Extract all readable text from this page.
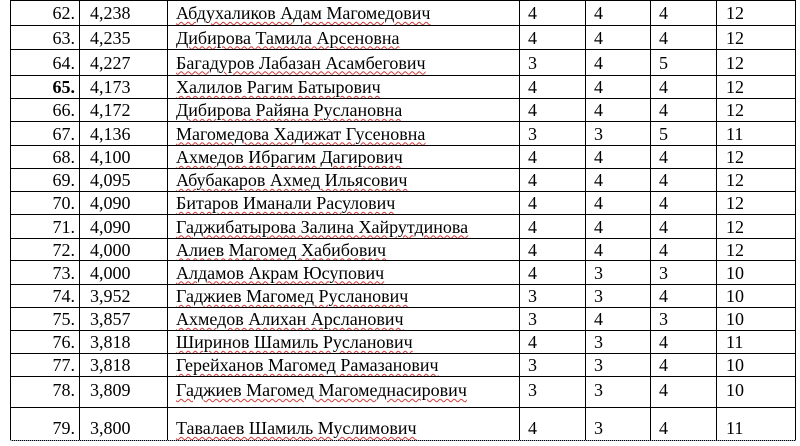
62. 4,238	Абдухаликов Адам Магомедович	4	4	4	12
63. 4,235	Дибирова Тамила Арсеновна	4	4	4	12
64. 4,227	Багадуров Лабазан Асамбегович	3	4	5	12
65. 4,173	Халилов Рагим Батырович	4	4	4	12
66. 4,172	Дибирова Райяна Руслановна	4	4	4	12
67. 4,136	Магомедова Хадижат Гусеновна	3	3	5	11
68. 4,100	Ахмедов Ибрагим Дагирович	4	4	4	12
69. 4,095	Абубакаров Ахмед Ильясович	4	4	4	12
70. 4,090	Битаров Иманали Расулович	4	4	4	12
71. 4,090	Гаджибатырова Залина Хайрутдинова	4	4	4	12
72. 4,000	Алиев Магомед Хабибович	4	4	4	12
73. 4,000	Алдамов Акрам Юсупович	4	3	3	10
74. 3,952	Гаджиев Магомед Русланович	3	3	4	10
75. 3,857	Ахмедов Алихан Арсланович	3	4	3	10
76. 3,818	Ширинов Шамиль Русланович	4	3	4	11
77. 3,818	Герейханов Магомед Рамазанович	3	3	4	10
78. 3,809	Гаджиев Магомед Магомеднасирович	3	3	4	10
79. 3,800	Тавалаев Шамиль Муслимович	4	3	4	11
